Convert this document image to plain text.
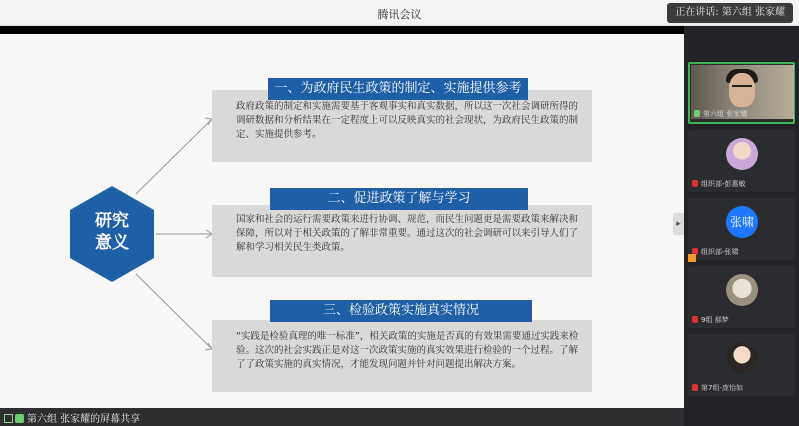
腾讯会议	正在讲话: 第六组 张家耀
研究
意义

政府政策的制定和实施需要基于客观事实和真实数据，所以这一次社会调研所得的调研数据和分析结果在一定程度上可以反映真实的社会现状，为政府民生政策的制定、实施提供参考。

一、为政府民生政策的制定、实施提供参考

国家和社会的运行需要政策来进行协调、规范，而民生问题更是需要政策来解决和保障，所以对于相关政策的了解非常重要。通过这次的社会调研可以来引导人们了解和学习相关民生类政策。

二、促进政策了解与学习

“实践是检验真理的唯一标准”，相关政策的实施是否真的有效果需要通过实践来检验。这次的社会实践正是对这一次政策实施的真实效果进行检验的一个过程。了解了了政策实施的真实情况，才能发现问题并针对问题提出解决方案。

三、检验政策实施真实情况
▸
第六组 张家耀
组织部-彭惠敏
张啸
组织部-张啸
9组 郝梦
第7组-庞怡如
第六组 张家耀的屏幕共享
